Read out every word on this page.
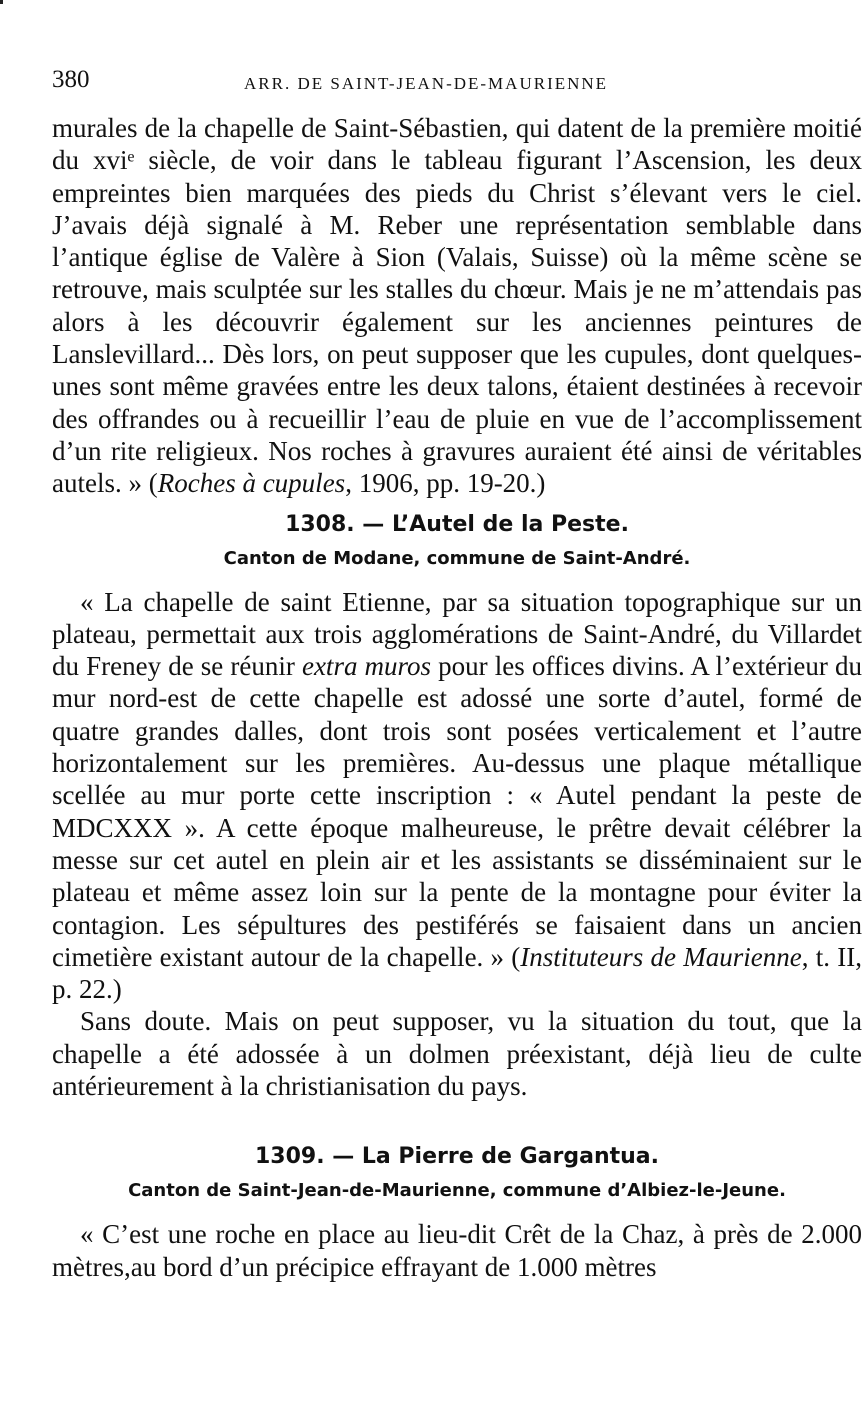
380	ARR. DE SAINT-JEAN-DE-MAURIENNE

murales de la chapelle de Saint-Sébastien, qui datent de la première moitié du xviᵉ siècle, de voir dans le tableau figurant l’Ascension, les deux empreintes bien marquées des pieds du Christ s’élevant vers le ciel. J’avais déjà signalé à M. Reber une représentation semblable dans l’antique église de Valère à Sion (Valais, Suisse) où la même scène se retrouve, mais sculptée sur les stalles du chœur. Mais je ne m’attendais pas alors à les découvrir également sur les anciennes peintures de Lanslevillard... Dès lors, on peut supposer que les cupules, dont quelques-unes sont même gravées entre les deux talons, étaient destinées à recevoir des offrandes ou à recueillir l’eau de pluie en vue de l’accomplissement d’un rite religieux. Nos roches à gravures auraient été ainsi de véritables autels. » (Roches à cupules, 1906, pp. 19-20.)

1308. — L’Autel de la Peste.

Canton de Modane, commune de Saint-André.

« La chapelle de saint Etienne, par sa situation topographique sur un plateau, permettait aux trois agglomérations de Saint-André, du Villardet du Freney de se réunir extra muros pour les offices divins. A l’extérieur du mur nord-est de cette chapelle est adossé une sorte d’autel, formé de quatre grandes dalles, dont trois sont posées verticalement et l’autre horizontalement sur les premières. Au-dessus une plaque métallique scellée au mur porte cette inscription : « Autel pendant la peste de MDCXXX ». A cette époque malheureuse, le prêtre devait célébrer la messe sur cet autel en plein air et les assistants se disséminaient sur le plateau et même assez loin sur la pente de la montagne pour éviter la contagion. Les sépultures des pestiférés se faisaient dans un ancien cimetière existant autour de la chapelle. » (Instituteurs de Maurienne, t. II, p. 22.)

Sans doute. Mais on peut supposer, vu la situation du tout, que la chapelle a été adossée à un dolmen préexistant, déjà lieu de culte antérieurement à la christianisation du pays.

1309. — La Pierre de Gargantua.

Canton de Saint-Jean-de-Maurienne, commune d’Albiez-le-Jeune.

« C’est une roche en place au lieu-dit Crêt de la Chaz, à près de 2.000 mètres,au bord d’un précipice effrayant de 1.000 mètres
